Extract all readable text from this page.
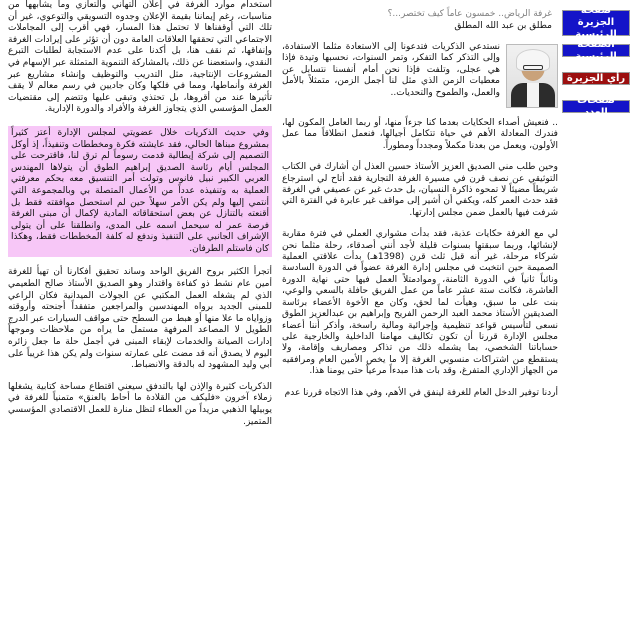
صفحة الجزيرة الرئيسية
الصفحة الرئيسية
رأي الجزيرة
صفحات العدد
غرفة الرياض.. خمسون عاماً كيف تختصر...؟
مطلق بن عبد الله المطلق

نستدعي الذكريات فتدعونا إلى الاستعادة مثلما الاستفادة، وإلى التذكر كما التفكر، وتمر السنوات، نحسبها وتيدة فإذا هي عجلى، وتلفت فإذا نحن أمام أنفسنا نتسابل عن معطيات الزمن الذي مثل لنا أجمل الزمن، متمثلاً بالأمل والعمل، والطموح والتحديات..

.. فنعيش أصداء الحكايات بعدما كنا جزءاً منها، أو ربما العامل المكون لها، فندرك المعادلة الأهم في حياة تتكامل أجيالها، فنعمل انطلاقاً مما عمل الأولون، ويعمل من بعدنا مكملاً ومجدداً ومطوراً.

وحين طلب مني الصديق العزيز الأستاذ حسين العذل أن أشارك في الكتاب التوثيقي عن نصف قرن في مسيرة الغرفة التجارية فقد أتاح لي استرجاع شريطاً مضيئاً لا تمحوه ذاكرة النسيان، بل حدث غير عن عصيفي في الغرفة فقد حدث العمر كله، ويكفي أن أشير إلى مواقف غير عابرة في الفترة التي شرفت فيها بالعمل ضمن مجلس إدارتها.

لي مع الغرفة حكايات عذبة، فقد بدأت مشواري العملي في فترة مقاربة لإنشائها، وربما سبقتها بسنوات قليلة لأجد أنني أصدقاء، رحلة مثلما نحن شركاء مرحلة، غير أنه قبل ثلث قرن (1398هـ) بدأت علاقتي العملية الصميمة حين انتخبت في مجلس إدارة الغرفة عضواً في الدورة السادسة ونائباً ثانياً في الدورة الثامنة، وموادمتلاً العمل فيها حتى نهاية الدورة العاشرة، فكانت ستة عشر عاماً من عمل الفريق حافلة بالسعي والوعي، بنت على ما سبق، وهيأت لما لحق، وكان مع الأخوة الأعضاء برئاسة الصديقين الأستاذ محمد العبد الرحمن الفريح وإبراهيم بن عبدالعزيز الطوق نسعى لتأسيس قواعد تنظيمية وإجرائية ومالية راسخة، وأذكر أننا أعضاء مجلس الإدارة قررنا أن تكون تكاليف مهامنا الداخلية والخارجية على حساباتنا الشخصي، بما يشمله ذلك من تذاكر ومصاريف وإقامة، ولا يستقطع من اشتراكات منسوبي الغرفة إلا ما يخص الأمين العام ومرافقيه من الجهاز الإداري المتفرغ، وقد بات هذا مبدءاً مرعياً حتى يومنا هذا.

أردنا توفير الدخل العام للغرفة لينفق في الأهم، وفي هذا الاتجاه قررنا عدم

استخدام موارد الغرفة في إعلان التهاني والتعازي وما يشابهها من مناسبات، رغم إيماننا بقيمة الإعلان وجدوه التسويقي والتوعوي، غير أن تلك التي أوقفناها لا تحتمل هذا المسار، فهي أقرب إلى المجاملات الاجتماعي التي تحققها العلاقات العامة دون أن تؤثر على إيرادات الغرفة وإنفاقها، ثم نقف هنا، بل أكدنا على عدم الاستجابة لطلبات التبرع النقدي، واستعضنا عن ذلك، بالمشاركة التنموية المتمثلة عبر الإسهام في المشروعات الإنتاجية، مثل التدريب والتوظيف وإنشاء مشاريع عبر الغرفة وأنماطها، ومما في فلكها وكان جاديين في رسم معالم لا يقف تأثيرها عند من أقروها، بل تحتذي وتبقى عليها وتتضم إلى مقتضيات العمل المؤسسي الذي يتجاوز الغرفة والأفراد والدورة الإدارية.

وفي حديث الذكريات خلال عضويتي لمجلس الإدارة أعتز كثيراً بمشروع مبناها الحالي، فقد عايشته فكرة ومخططات وتنفيذاً، إذ أوكل التصميم إلى شركة إيطالية قدمت رسوماً لم ترق لنا، فاقترحت على المجلس أيام رئاسة الصديق إبراهيم الطوق أن يتولاها المهندس العربي الكبير نبيل فانوس وتولت أمر التنسيق معه بحكم معرفتي العملية به وتنفيذه عدداً من الأعمال المتصلة بي وبالمجموعة التي أنتمي إليها ولم يكن الأمر سهلاً حين لم استحصل موافقته فقط بل أقنعته بالتنازل عن بعض استحقاقاته المادية لإكمال أن مبنى الغرفة فرصة عمر له سيحمل اسمه على المدى، وانطلقنا على أن يتولى الإشراف الجانبي على التنفيذ وندفع له كلفة المخططات فقط، وهكذا كان فاستلم الطرفان.

أتجرأ الكثير بروح الفريق الواحد وساند تحقيق أفكارنا أن تهيأ للغرفة أمين عام نشط ذو كفاءة واقتدار وهو الصديق الأستاذ صالح الطعيمي الذي لم يشغله العمل المكتبي عن الجولات الميدانية فكان الراعي للمبنى الجديد برواه المهندسين والمراجعين متفقداً أجنحته وأروقته وزواياه ما علا منها أو هبط من السطح حتى مواقف السيارات عبر الدرج الطويل لا المصاعد المرفهة مستمل ما يراه من ملاحظات وموجهاً إدارات الصيانة والخدمات لإبقاء المبنى في أجمل حلة ما جعل زائره اليوم لا يصدق أنه قد مضت على عمارته سنوات ولم يكن هذا غريباً على أبي وليد المشهود له بالدقة والانضباط.

الذكريات كثيرة والإذن لها بالتدفق سيعني اقتطاع مساحة كتابية يشغلها زملاء آخرون «فليكف من القلادة ما أحاط بالعنق» متمنياً للغرفة في يوبيلها الذهبي مزيداً من العطاء لتظل منارة للعمل الاقتصادي المؤسسي المتميز.
